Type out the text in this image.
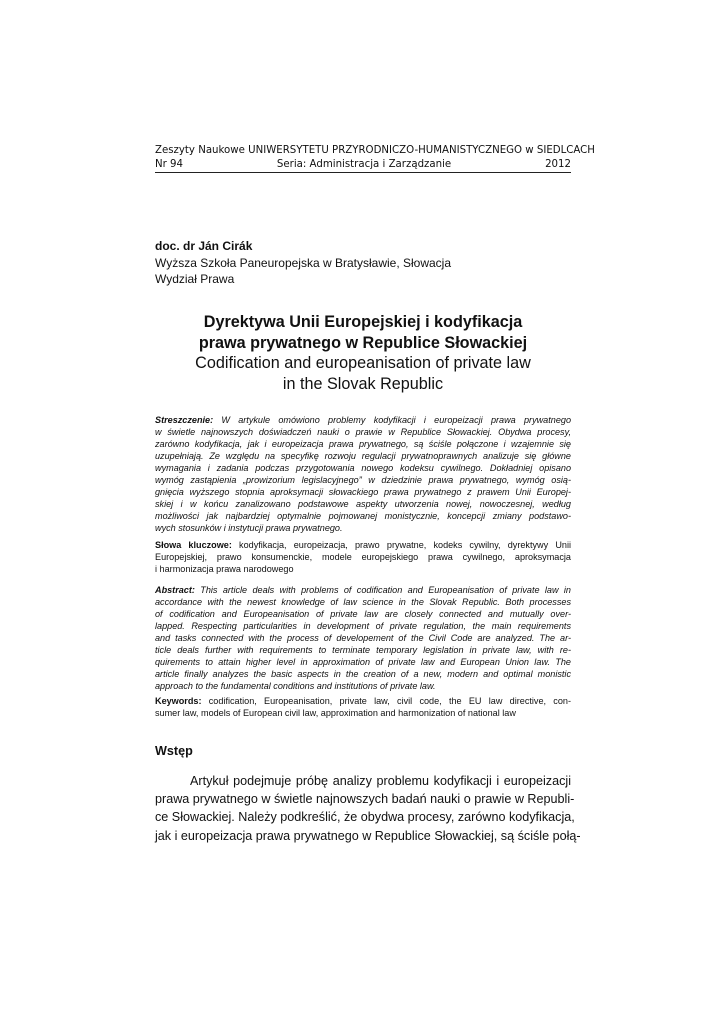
Zeszyty Naukowe UNIWERSYTETU PRZYRODNICZO-HUMANISTYCZNEGO w SIEDLCACH
Nr 94	Seria: Administracja i Zarządzanie	2012
doc. dr Ján Cirák
Wyższa Szkoła Paneuropejska w Bratysławie, Słowacja
Wydział Prawa
Dyrektywa Unii Europejskiej i kodyfikacja
prawa prywatnego w Republice Słowackiej
Codification and europeanisation of private law
in the Slovak Republic
Streszczenie: W artykule omówiono problemy kodyfikacji i europeizacji prawa prywatnego
w świetle najnowszych doświadczeń nauki o prawie w Republice Słowackiej. Obydwa procesy,
zarówno kodyfikacja, jak i europeizacja prawa prywatnego, są ściśle połączone i wzajemnie się
uzupełniają. Ze względu na specyfikę rozwoju regulacji prywatnoprawnych analizuje się główne
wymagania i zadania podczas przygotowania nowego kodeksu cywilnego. Dokładniej opisano
wymóg zastąpienia „prowizorium legislacyjnego” w dziedzinie prawa prywatnego, wymóg osią-
gnięcia wyższego stopnia aproksymacji słowackiego prawa prywatnego z prawem Unii Europej-
skiej i w końcu zanalizowano podstawowe aspekty utworzenia nowej, nowoczesnej, według
możliwości jak najbardziej optymalnie pojmowanej monistycznie, koncepcji zmiany podstawo-
wych stosunków i instytucji prawa prywatnego.
Słowa kluczowe: kodyfikacja, europeizacja, prawo prywatne, kodeks cywilny, dyrektywy Unii
Europejskiej, prawo konsumenckie, modele europejskiego prawa cywilnego, aproksymacja
i harmonizacja prawa narodowego
Abstract: This article deals with problems of codification and Europeanisation of private law in
accordance with the newest knowledge of law science in the Slovak Republic. Both processes
of codification and Europeanisation of private law are closely connected and mutually over-
lapped. Respecting particularities in development of private regulation, the main requirements
and tasks connected with the process of developement of the Civil Code are analyzed. The ar-
ticle deals further with requirements to terminate temporary legislation in private law, with re-
quirements to attain higher level in approximation of private law and European Union law. The
article finally analyzes the basic aspects in the creation of a new, modern and optimal monistic
approach to the fundamental conditions and institutions of private law.
Keywords: codification, Europeanisation, private law, civil code, the EU law directive, con-
sumer law, models of European civil law, approximation and harmonization of national law
Wstęp
Artykuł podejmuje próbę analizy problemu kodyfikacji i europeizacji
prawa prywatnego w świetle najnowszych badań nauki o prawie w Republi-
ce Słowackiej. Należy podkreślić, że obydwa procesy, zarówno kodyfikacja,
jak i europeizacja prawa prywatnego w Republice Słowackiej, są ściśle połą-
